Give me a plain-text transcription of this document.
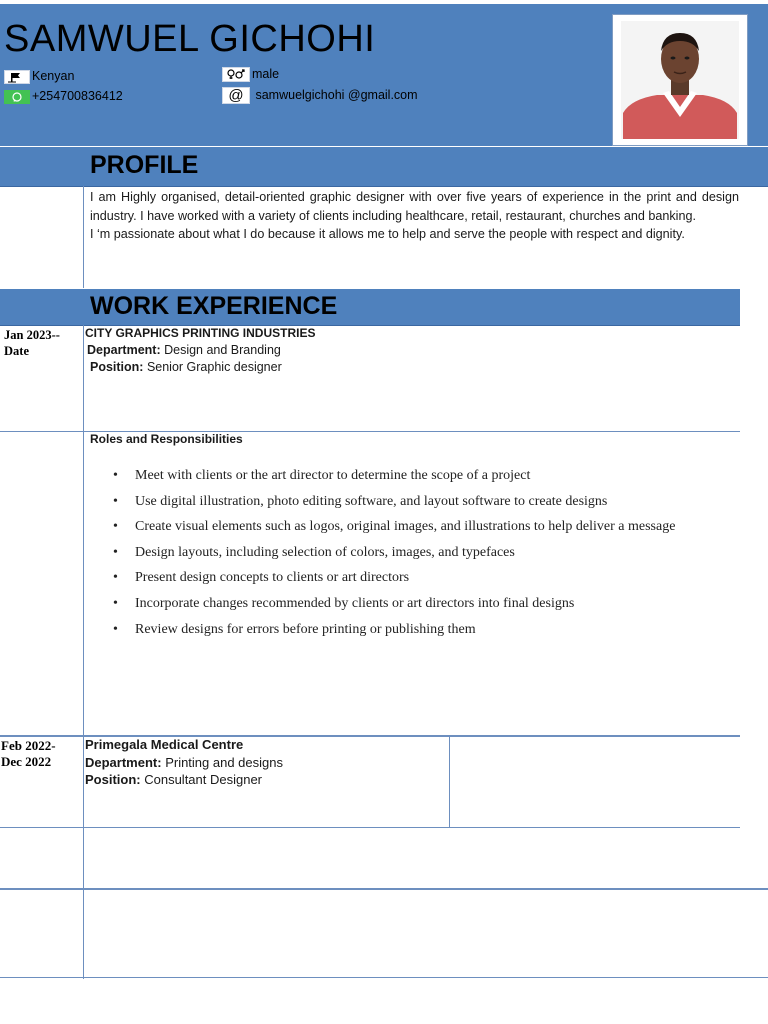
SAMWUEL GICHOHI
Kenyan
+254700836412
male
@ samwuelgichohi @gmail.com
PROFILE

I am Highly organised, detail-oriented graphic designer with over five years of experience in the print and design industry. I have worked with a variety of clients including healthcare, retail, restaurant, churches and banking.

I ‘m passionate about what I do because it allows me to help and serve the people with respect and dignity.

WORK EXPERIENCE
Jan 2023--
Date
CITY GRAPHICS PRINTING INDUSTRIES
Department: Design and Branding
Position: Senior Graphic designer
Roles and Responsibilities
• Meet with clients or the art director to determine the scope of a project
• Use digital illustration, photo editing software, and layout software to create designs
• Create visual elements such as logos, original images, and illustrations to help deliver a message
• Design layouts, including selection of colors, images, and typefaces
• Present design concepts to clients or art directors
• Incorporate changes recommended by clients or art directors into final designs
• Review designs for errors before printing or publishing them
Feb 2022-
Dec 2022
Primegala Medical Centre
Department: Printing and designs
Position: Consultant Designer
